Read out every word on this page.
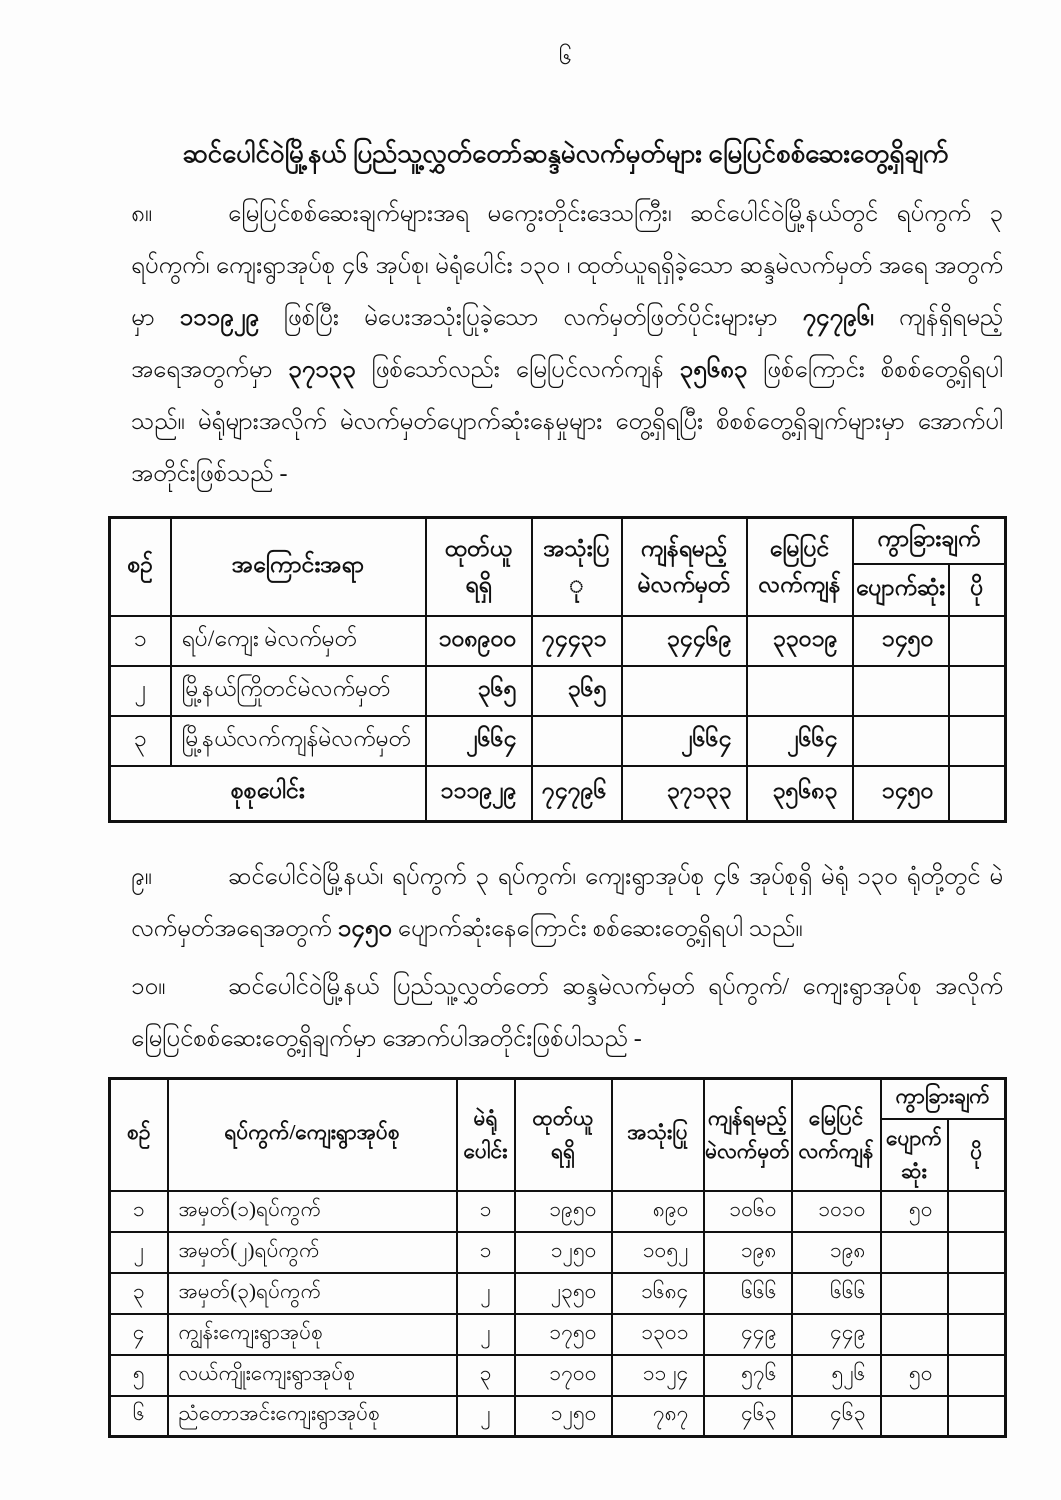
၆
ဆင်ပေါင်ဝဲမြို့နယ် ပြည်သူ့လွှတ်တော်ဆန္ဒမဲလက်မှတ်များ မြေပြင်စစ်ဆေးတွေ့ရှိချက်
၈။	မြေပြင်စစ်ဆေးချက်များအရ မကွေးတိုင်းဒေသကြီး၊ ဆင်ပေါင်ဝဲမြို့နယ်တွင် ရပ်ကွက် ၃ ရပ်ကွက်၊ ကျေးရွာအုပ်စု ၄၆ အုပ်စု၊ မဲရုံပေါင်း ၁၃၀ ၊ ထုတ်ယူရရှိခဲ့သော ဆန္ဒမဲလက်မှတ် အရေ အတွက်မှာ ၁၁၁၉၂၉ ဖြစ်ပြီး မဲပေးအသုံးပြုခဲ့သော လက်မှတ်ဖြတ်ပိုင်းများမှာ ၇၄၇၉၆၊ ကျန်ရှိရမည့် အရေအတွက်မှာ ၃၇၁၃၃ ဖြစ်သော်လည်း မြေပြင်လက်ကျန် ၃၅၆၈၃ ဖြစ်ကြောင်း စိစစ်တွေ့ရှိရပါ သည်။ မဲရုံများအလိုက် မဲလက်မှတ်ပျောက်ဆုံးနေမှုများ တွေ့ရှိရပြီး စိစစ်တွေ့ရှိချက်များမှာ အောက်ပါအတိုင်းဖြစ်သည် -
စဉ်	အကြောင်းအရာ	ထုတ်ယူ
ရရှိ	အသုံးပြ
ု	ကျန်ရမည့်
မဲလက်မှတ်	မြေပြင်
လက်ကျန်	ကွာခြားချက်	
						ပျောက်ဆုံး	ပို
၁	ရပ်/ကျေး မဲလက်မှတ်	၁၀၈၉၀၀	၇၄၄၃၁	၃၄၄၆၉	၃၃၀၁၉	၁၄၅၀	
၂	မြို့နယ်ကြိုတင်မဲလက်မှတ်	၃၆၅	၃၆၅				
၃	မြို့နယ်လက်ကျန်မဲလက်မှတ်	၂၆၆၄		၂၆၆၄	၂၆၆၄		
စုစုပေါင်း		၁၁၁၉၂၉	၇၄၇၉၆	၃၇၁၃၃	၃၅၆၈၃	၁၄၅၀	
၉။	ဆင်ပေါင်ဝဲမြို့နယ်၊ ရပ်ကွက် ၃ ရပ်ကွက်၊ ကျေးရွာအုပ်စု ၄၆ အုပ်စုရှိ မဲရုံ ၁၃၀ ရုံတို့တွင် မဲလက်မှတ်အရေအတွက် ၁၄၅၀ ပျောက်ဆုံးနေကြောင်း စစ်ဆေးတွေ့ရှိရပါ သည်။
၁၀။	ဆင်ပေါင်ဝဲမြို့နယ် ပြည်သူ့လွှတ်တော် ဆန္ဒမဲလက်မှတ် ရပ်ကွက်/ ကျေးရွာအုပ်စု အလိုက် မြေပြင်စစ်ဆေးတွေ့ရှိချက်မှာ အောက်ပါအတိုင်းဖြစ်ပါသည် -
စဉ်	ရပ်ကွက်/ကျေးရွာအုပ်စု	မဲရုံ
ပေါင်း	ထုတ်ယူ
ရရှိ	အသုံးပြု	ကျန်ရမည့်
မဲလက်မှတ်	မြေပြင်
လက်ကျန်	ကွာခြားချက်	

							ပျောက်
ဆုံး	ပို
၁	အမှတ်(၁)ရပ်ကွက်	၁	၁၉၅၀	၈၉၀	၁၀၆၀	၁၀၁၀	၅၀	
၂	အမှတ်(၂)ရပ်ကွက်	၁	၁၂၅၀	၁၀၅၂	၁၉၈	၁၉၈		
၃	အမှတ်(၃)ရပ်ကွက်	၂	၂၃၅၀	၁၆၈၄	၆၆၆	၆၆၆		
၄	ကျွန်းကျေးရွာအုပ်စု	၂	၁၇၅၀	၁၃၀၁	၄၄၉	၄၄၉		
၅	လယ်ကျိုးကျေးရွာအုပ်စု	၃	၁၇၀၀	၁၁၂၄	၅၇၆	၅၂၆	၅၀	
၆	ညံတောအင်းကျေးရွာအုပ်စု	၂	၁၂၅၀	၇၈၇	၄၆၃	၄၆၃		
